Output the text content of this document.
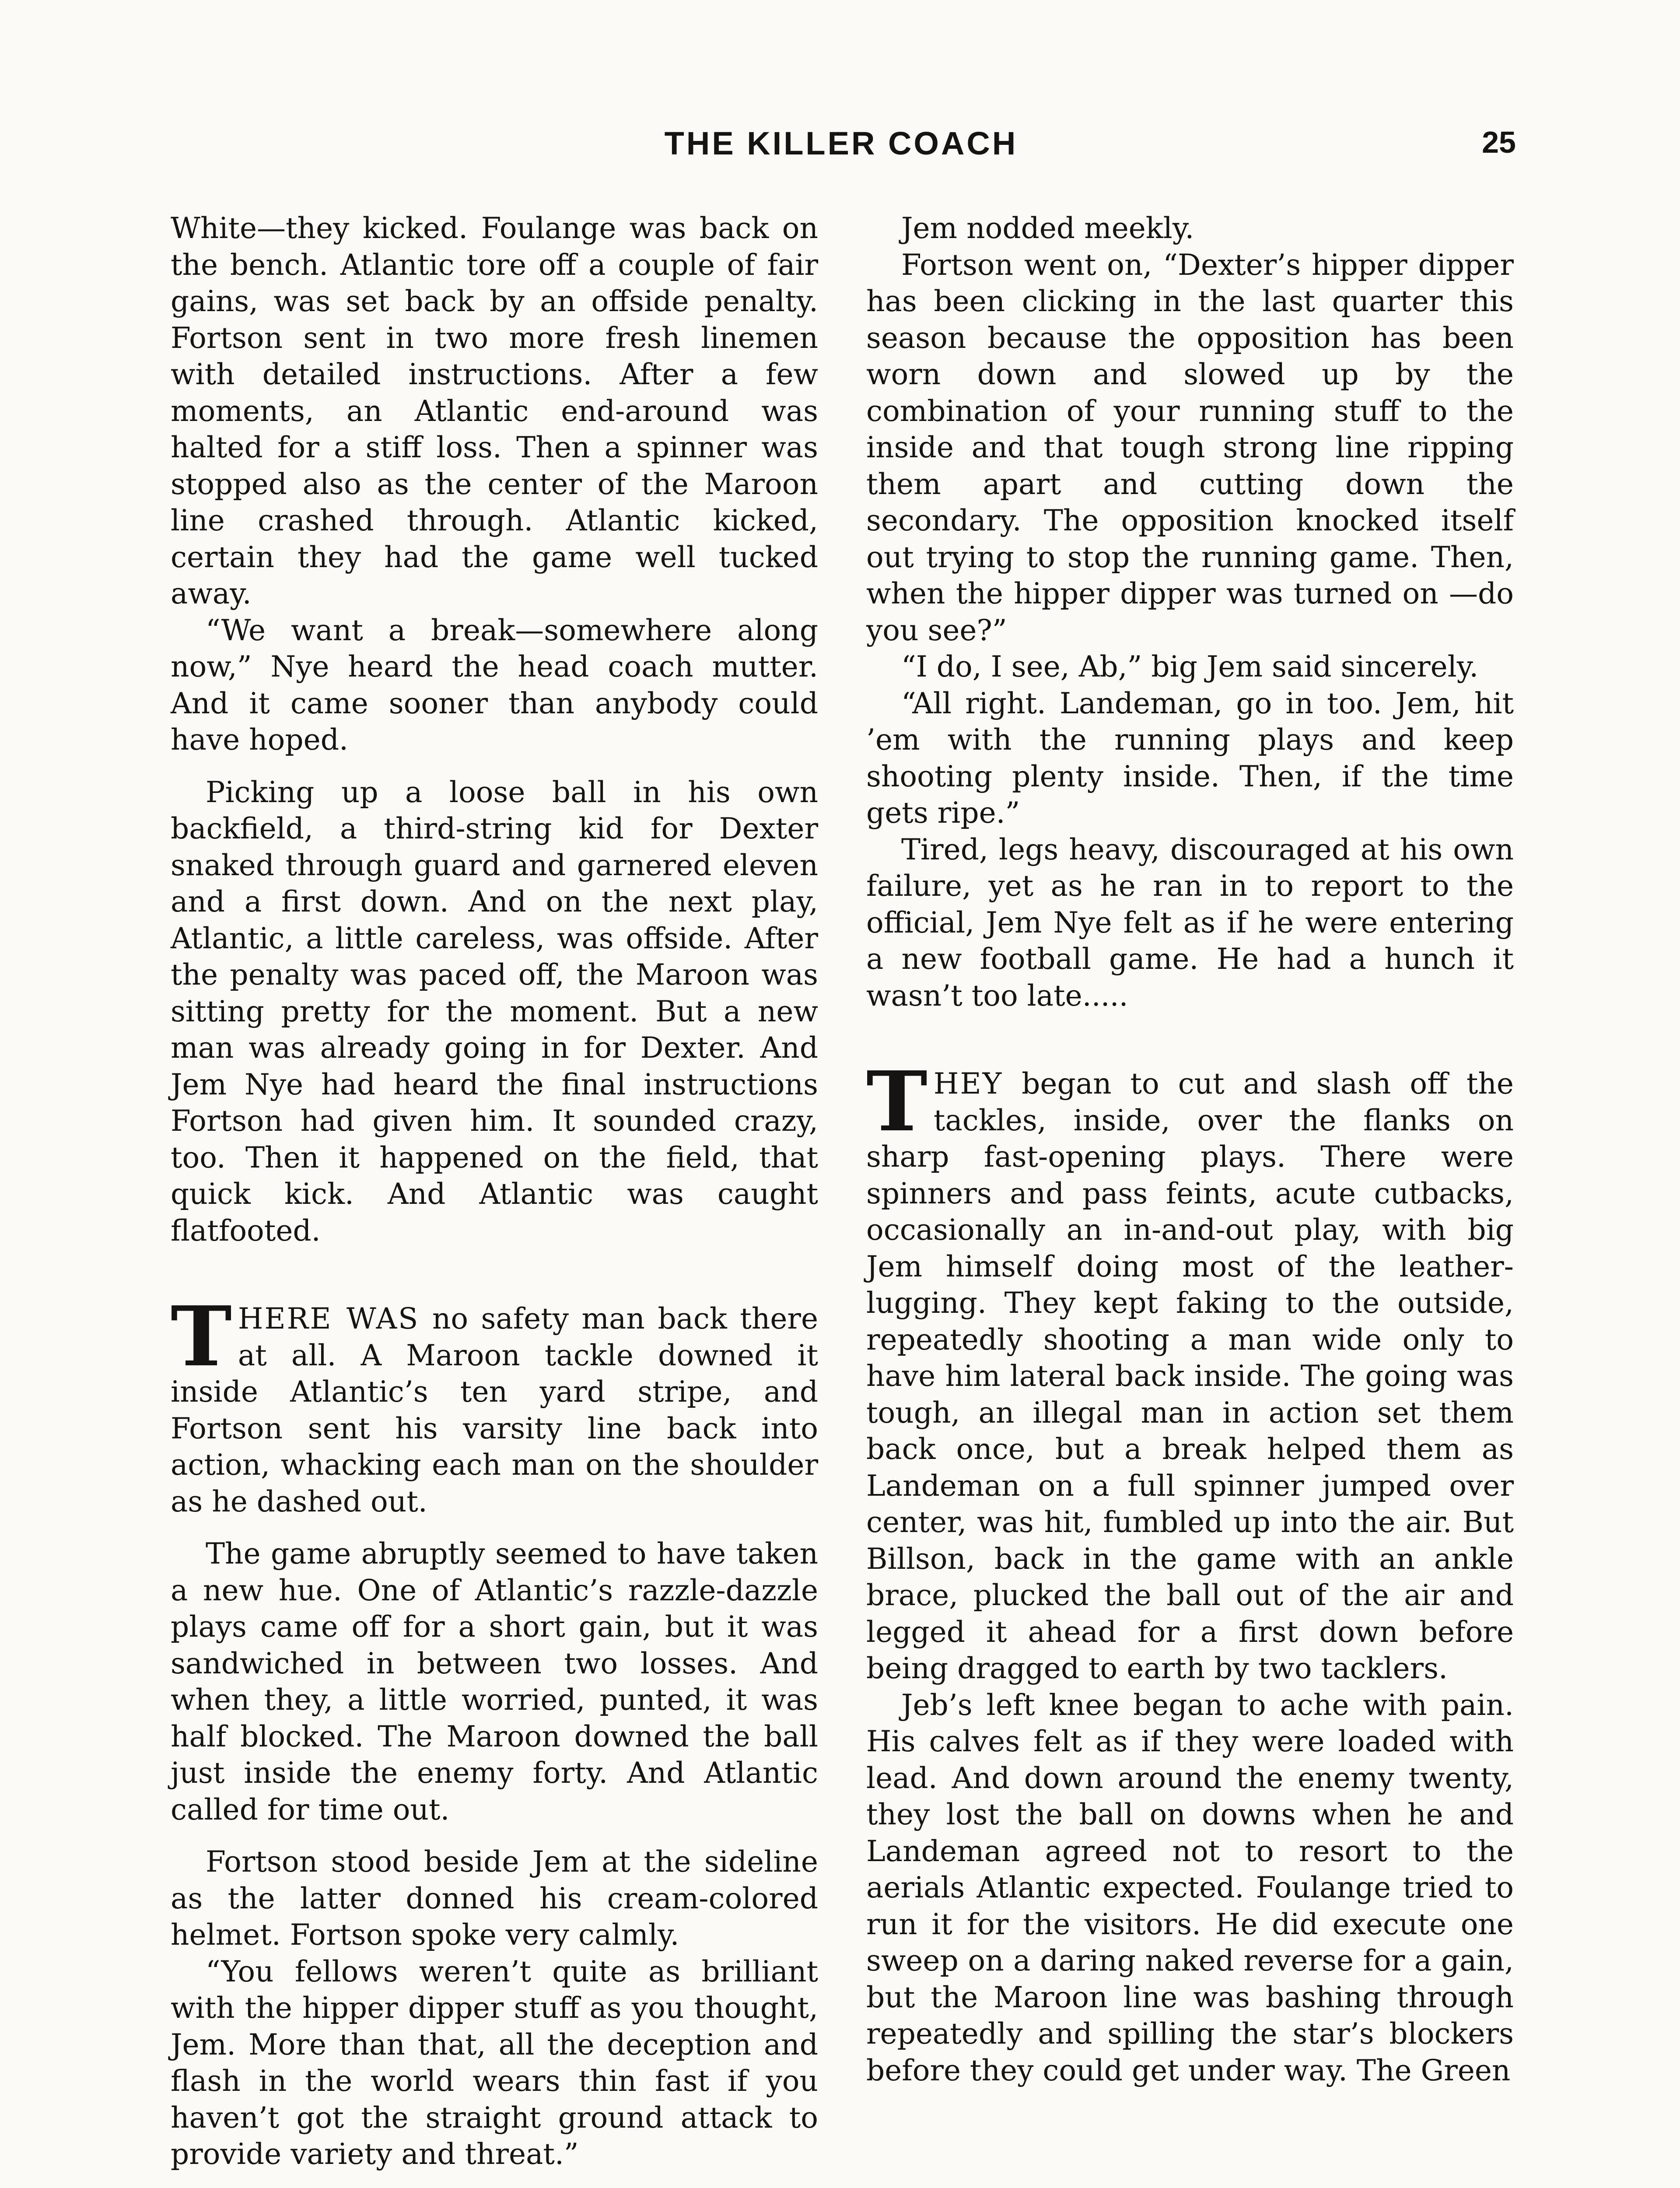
THE KILLER COACH	25

White—they kicked. Foulange was back on the bench. Atlantic tore off a couple of fair gains, was set back by an offside penalty. Fortson sent in two more fresh linemen with detailed instructions. After a few moments, an Atlantic end-around was halted for a stiff loss. Then a spinner was stopped also as the center of the Maroon line crashed through. Atlantic kicked, certain they had the game well tucked away.

“We want a break—somewhere along now,” Nye heard the head coach mutter. And it came sooner than anybody could have hoped.

Picking up a loose ball in his own backfield, a third-string kid for Dexter snaked through guard and garnered eleven and a first down. And on the next play, Atlantic, a little careless, was offside. After the penalty was paced off, the Maroon was sitting pretty for the moment. But a new man was already going in for Dexter. And Jem Nye had heard the final instructions Fortson had given him. It sounded crazy, too. Then it happened on the field, that quick kick. And Atlantic was caught flatfooted.

THERE WAS no safety man back there at all. A Maroon tackle downed it inside Atlantic’s ten yard stripe, and Fortson sent his varsity line back into action, whacking each man on the shoulder as he dashed out.

The game abruptly seemed to have taken a new hue. One of Atlantic’s razzle-dazzle plays came off for a short gain, but it was sandwiched in between two losses. And when they, a little worried, punted, it was half blocked. The Maroon downed the ball just inside the enemy forty. And Atlantic called for time out.

Fortson stood beside Jem at the sideline as the latter donned his cream-colored helmet. Fortson spoke very calmly.

“You fellows weren’t quite as brilliant with the hipper dipper stuff as you thought, Jem. More than that, all the deception and flash in the world wears thin fast if you haven’t got the straight ground attack to provide variety and threat.”

Jem nodded meekly.

Fortson went on, “Dexter’s hipper dipper has been clicking in the last quarter this season because the opposition has been worn down and slowed up by the combination of your running stuff to the inside and that tough strong line ripping them apart and cutting down the secondary. The opposition knocked itself out trying to stop the running game. Then, when the hipper dipper was turned on —do you see?”

“I do, I see, Ab,” big Jem said sincerely.

“All right. Landeman, go in too. Jem, hit ’em with the running plays and keep shooting plenty inside. Then, if the time gets ripe.”

Tired, legs heavy, discouraged at his own failure, yet as he ran in to report to the official, Jem Nye felt as if he were entering a new football game. He had a hunch it wasn’t too late.....

THEY began to cut and slash off the tackles, inside, over the flanks on sharp fast-opening plays. There were spinners and pass feints, acute cutbacks, occasionally an in-and-out play, with big Jem himself doing most of the leather-lugging. They kept faking to the outside, repeatedly shooting a man wide only to have him lateral back inside. The going was tough, an illegal man in action set them back once, but a break helped them as Landeman on a full spinner jumped over center, was hit, fumbled up into the air. But Billson, back in the game with an ankle brace, plucked the ball out of the air and legged it ahead for a first down before being dragged to earth by two tacklers.

Jeb’s left knee began to ache with pain. His calves felt as if they were loaded with lead. And down around the enemy twenty, they lost the ball on downs when he and Landeman agreed not to resort to the aerials Atlantic expected. Foulange tried to run it for the visitors. He did execute one sweep on a daring naked reverse for a gain, but the Maroon line was bashing through repeatedly and spilling the star’s blockers before they could get under way. The Green
